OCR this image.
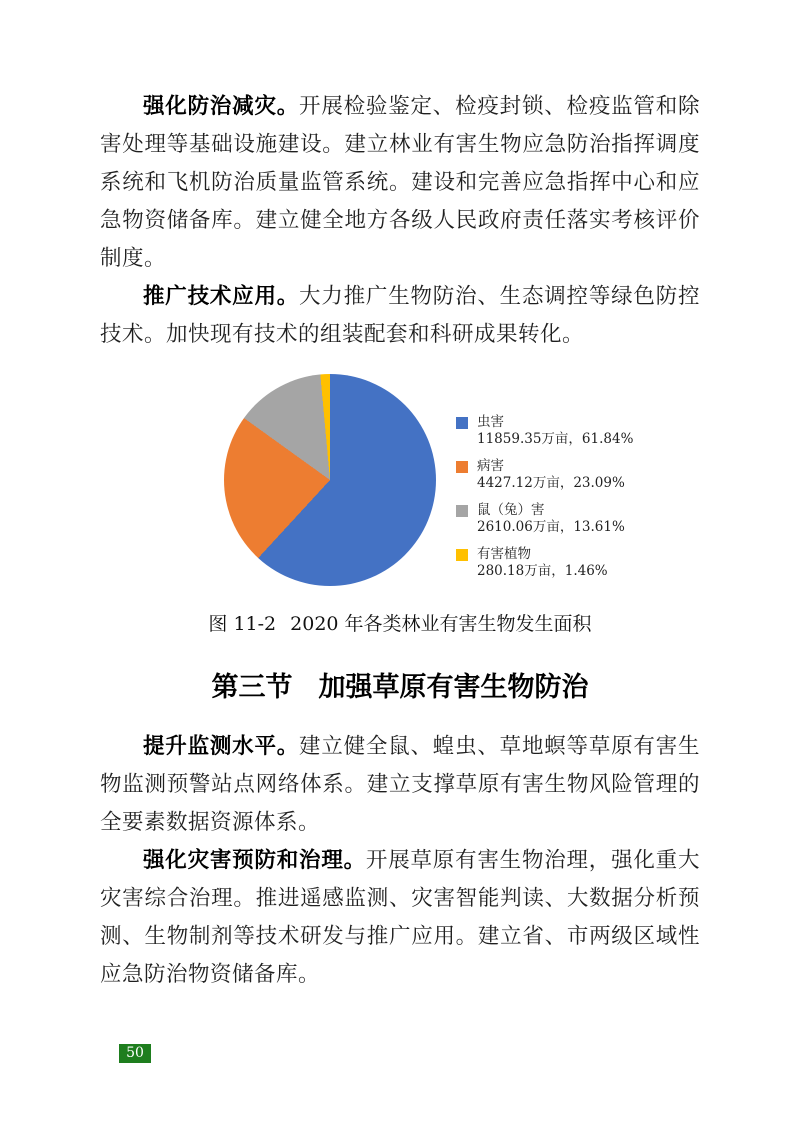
强化防治减灾。开展检验鉴定、检疫封锁、检疫监管和除害处理等基础设施建设。建立林业有害生物应急防治指挥调度系统和飞机防治质量监管系统。建设和完善应急指挥中心和应急物资储备库。建立健全地方各级人民政府责任落实考核评价制度。

推广技术应用。大力推广生物防治、生态调控等绿色防控技术。加快现有技术的组装配套和科研成果转化。

虫害
11859.35万亩，61.84%
病害
4427.12万亩，23.09%
鼠（兔）害
2610.06万亩，13.61%
有害植物
280.18万亩，1.46%
图 11-2 2020 年各类林业有害生物发生面积
第三节 加强草原有害生物防治

提升监测水平。建立健全鼠、蝗虫、草地螟等草原有害生物监测预警站点网络体系。建立支撑草原有害生物风险管理的全要素数据资源体系。

强化灾害预防和治理。开展草原有害生物治理，强化重大灾害综合治理。推进遥感监测、灾害智能判读、大数据分析预测、生物制剂等技术研发与推广应用。建立省、市两级区域性应急防治物资储备库。

50
